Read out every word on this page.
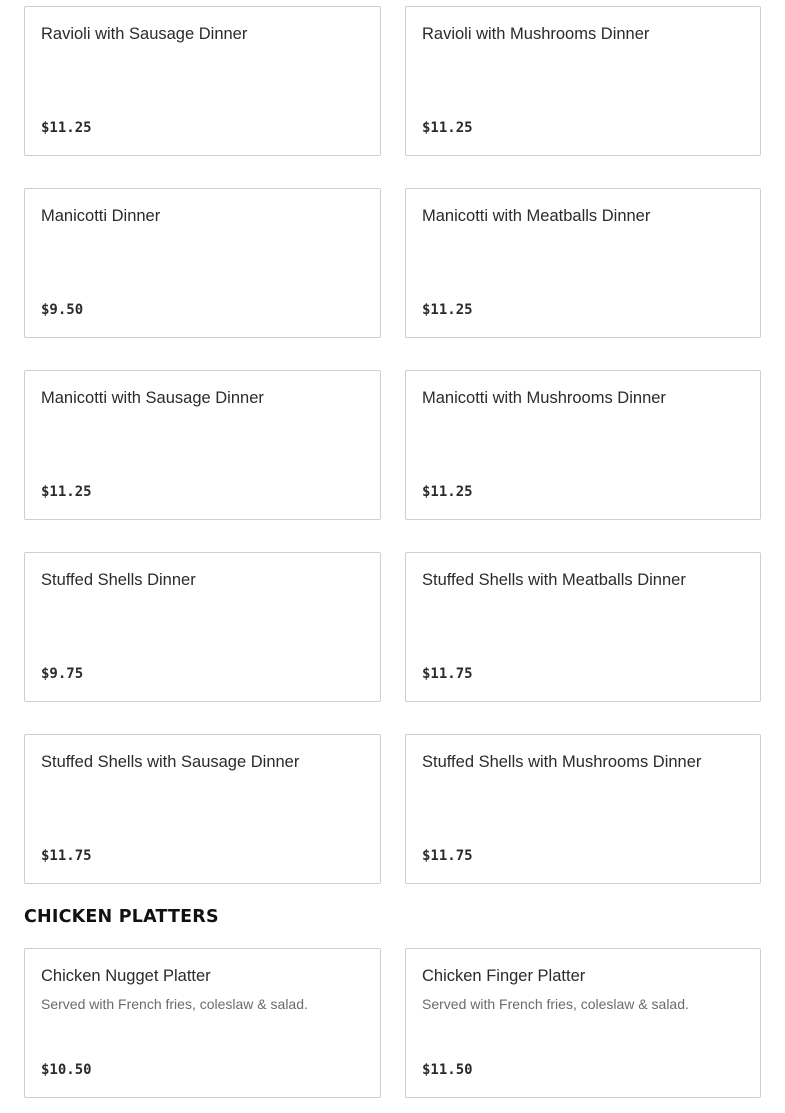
Ravioli with Sausage Dinner
$11.25
Ravioli with Mushrooms Dinner
$11.25
Manicotti Dinner
$9.50
Manicotti with Meatballs Dinner
$11.25
Manicotti with Sausage Dinner
$11.25
Manicotti with Mushrooms Dinner
$11.25
Stuffed Shells Dinner
$9.75
Stuffed Shells with Meatballs Dinner
$11.75
Stuffed Shells with Sausage Dinner
$11.75
Stuffed Shells with Mushrooms Dinner
$11.75
CHICKEN PLATTERS
Chicken Nugget Platter
Served with French fries, coleslaw & salad.
$10.50
Chicken Finger Platter
Served with French fries, coleslaw & salad.
$11.50
